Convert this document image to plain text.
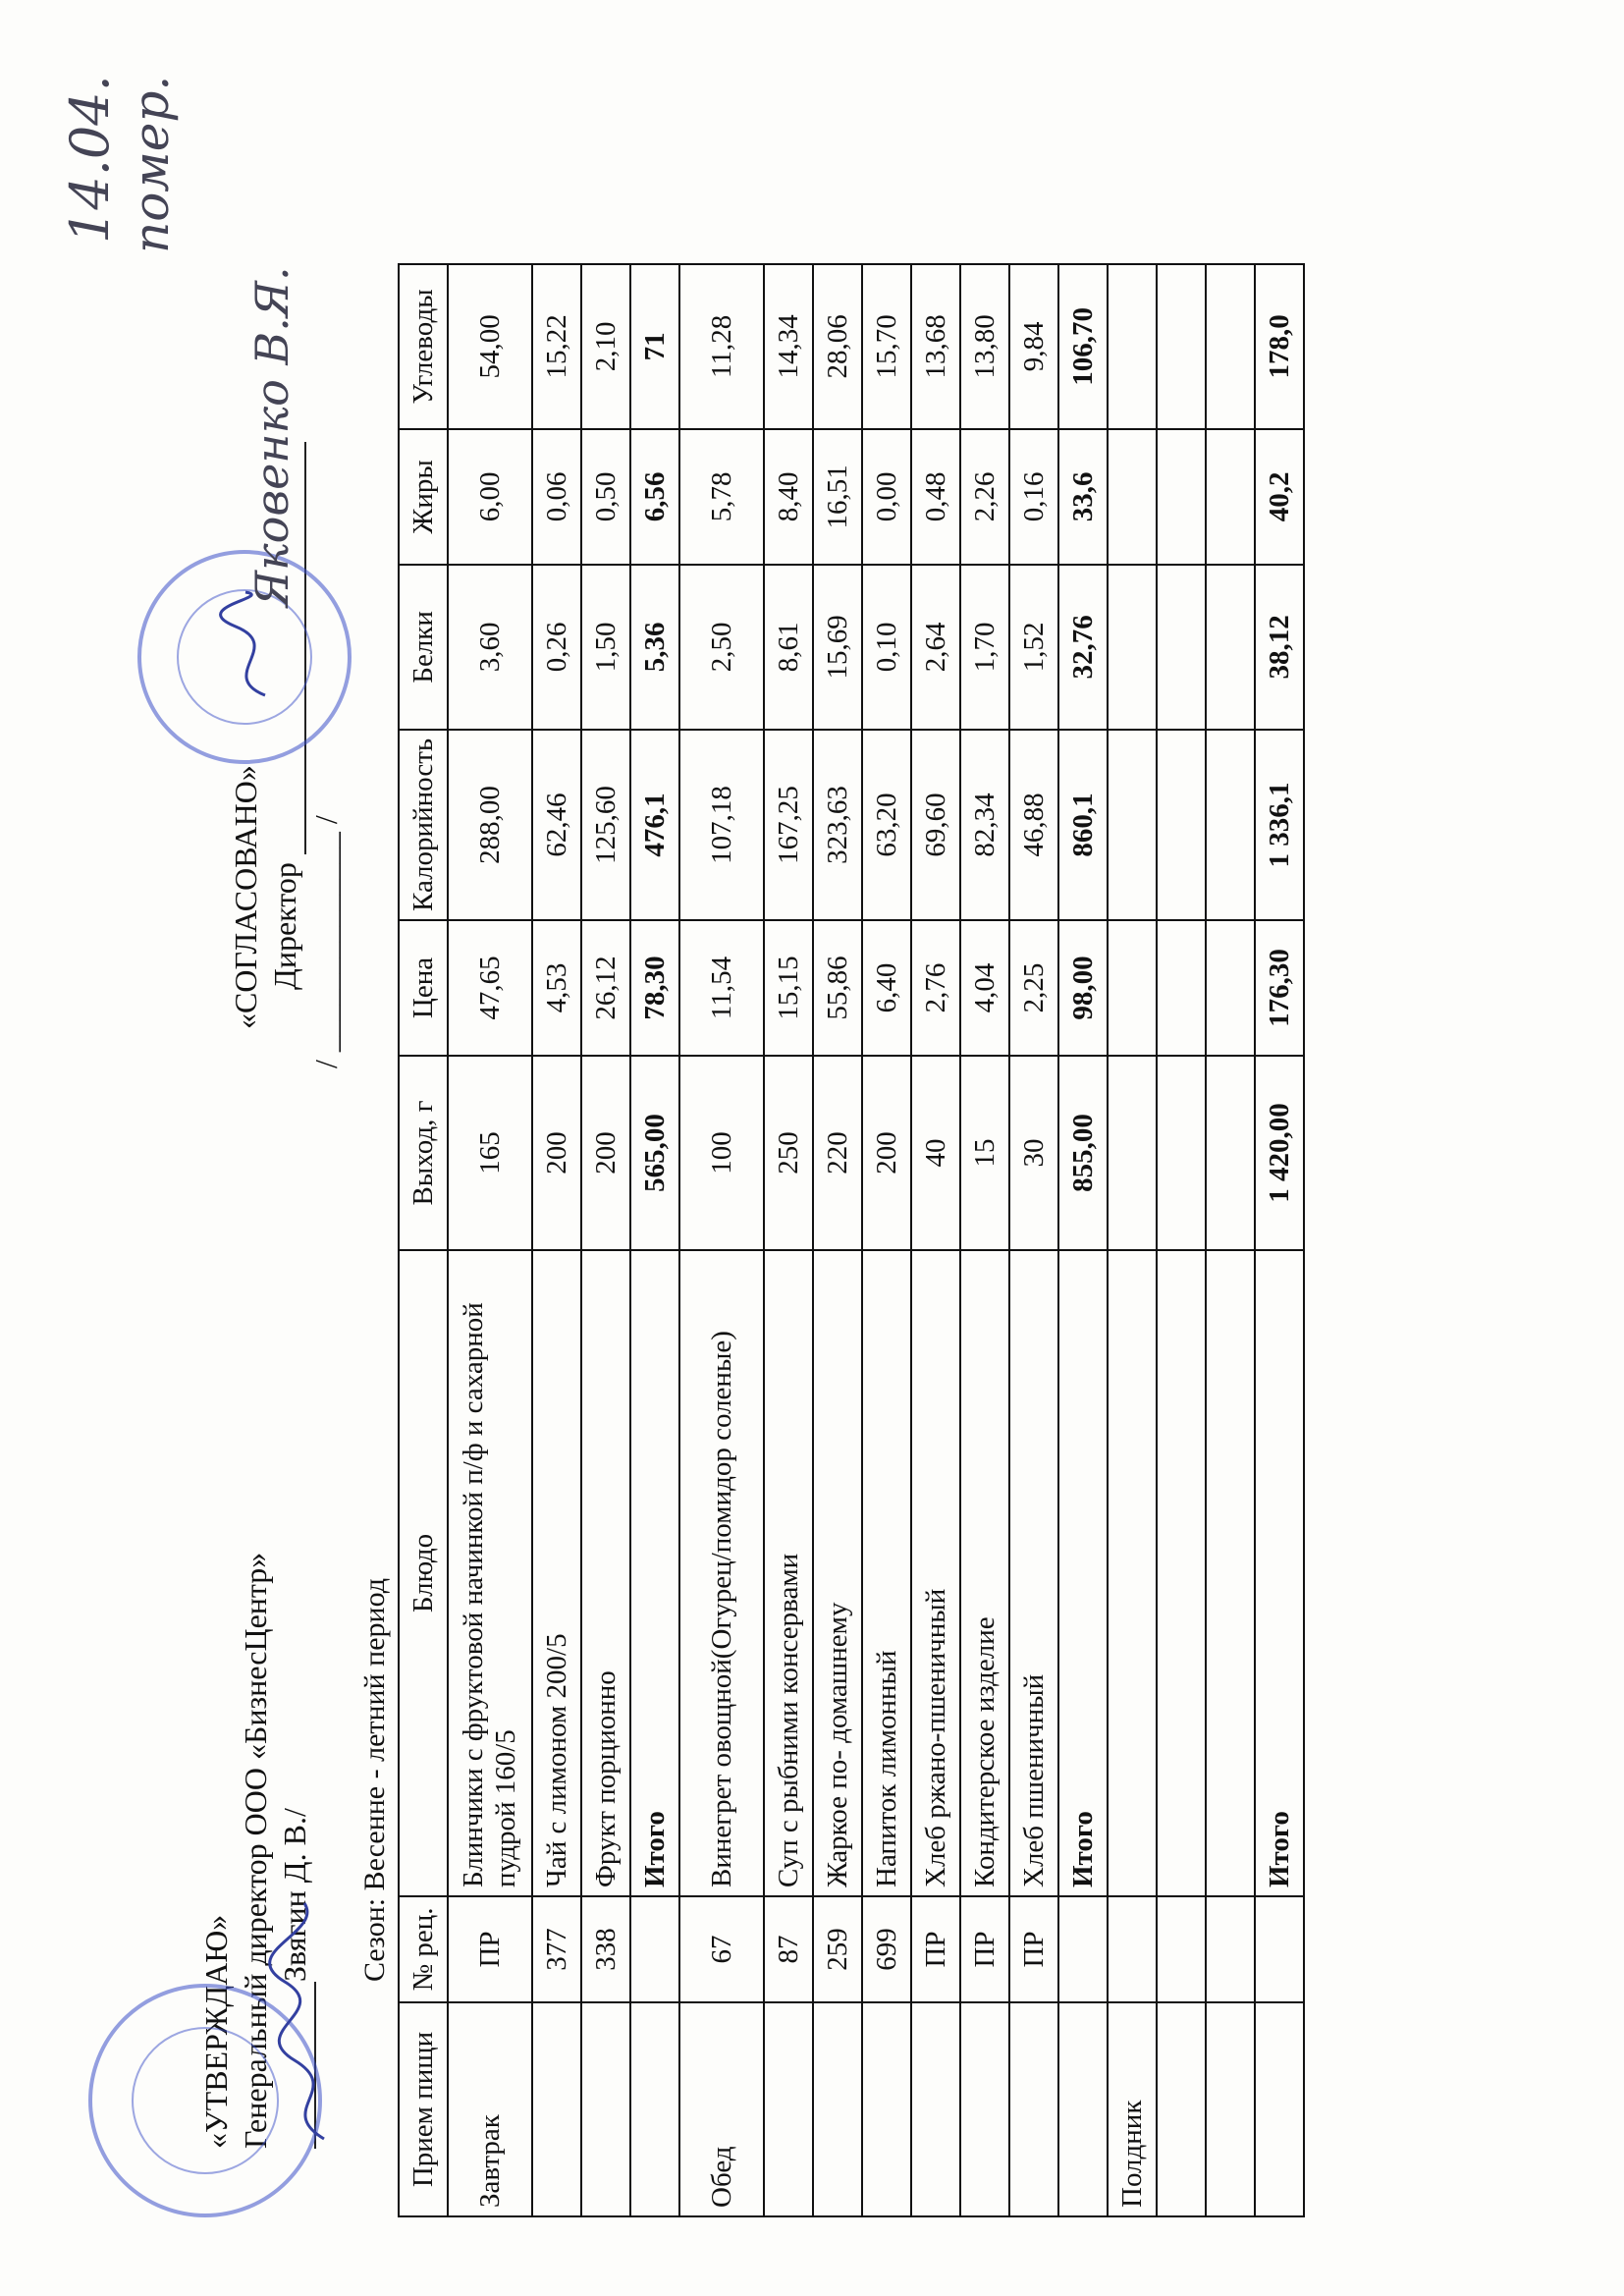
«УТВЕРЖДАЮ» Генеральный директор ООО «БизнесЦентр» Звягин Д. В./
«СОГЛАСОВАНО» Директор / ______________ /
Сезон: Весенне - летний период
Яковенко В.Я.
14.04. помер.
Прием пищи	№ рец.	Блюдо	Выход, г	Цена	Калорийность	Белки	Жиры	Углеводы
Завтрак	ПР	Блинчики с фруктовой начинкой п/ф и сахарной пудрой 160/5	165	47,65	288,00	3,60	6,00	54,00
	377	Чай с лимоном 200/5	200	4,53	62,46	0,26	0,06	15,22
	338	Фрукт порционно	200	26,12	125,60	1,50	0,50	2,10
		Итого	565,00	78,30	476,1	5,36	6,56	71
Обед	67	Винегрет овощной(Огурец/помидор соленые)	100	11,54	107,18	2,50	5,78	11,28
	87	Суп с рыбними консервами	250	15,15	167,25	8,61	8,40	14,34
	259	Жаркое по- домашнему	220	55,86	323,63	15,69	16,51	28,06
	699	Напиток лимонный	200	6,40	63,20	0,10	0,00	15,70
	ПР	Хлеб ржано-пшеничный	40	2,76	69,60	2,64	0,48	13,68
	ПР	Кондитерское изделие	15	4,04	82,34	1,70	2,26	13,80
	ПР	Хлеб пшеничный	30	2,25	46,88	1,52	0,16	9,84
		Итого	855,00	98,00	860,1	32,76	33,6	106,70
Полдник								

		Итого	1 420,00	176,30	1 336,1	38,12	40,2	178,0
